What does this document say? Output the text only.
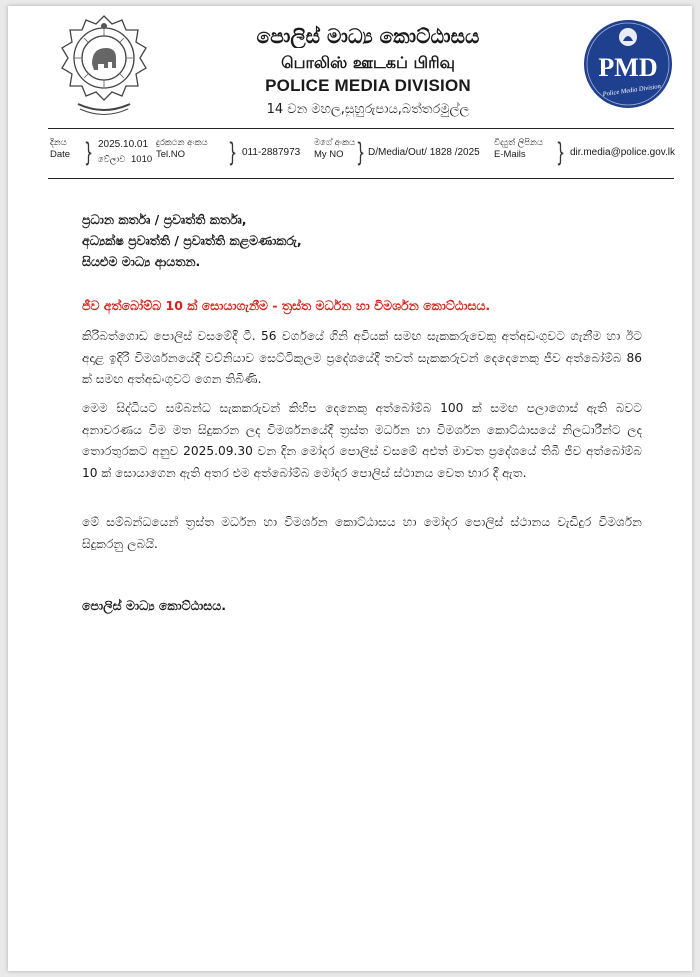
පොලිස් මාධ්‍ය කොට්ඨාසය
பொலிஸ் ஊடகப் பிரிவு
POLICE MEDIA DIVISION
14 වන මහල,සුහුරුපාය,බත්තරමුල්ල
PMD
Police Media Division
දිනය
Date } 2025.10.01
වේලාව 1010
දුරකථන අංකය
Tel.NO	} 011-2887973
මගේ අංකය
My NO } D/Media/Out/ 1828 /2025
විද්‍යුත් ලිපිනය
E-Mails	} dir.media@police.gov.lk
ප්‍රධාන කර්තෘ / ප්‍රවෘත්ති කර්තෘ,
අධ්‍යක්ෂ ප්‍රවෘත්ති / ප්‍රවෘත්ති කළමණාකරු,
සියළුම මාධ්‍ය ආයතන.
ජීව අත්බෝම්බ 10 ක් සොයාගැනීම - ත්‍රස්ත මර්ධන හා විමර්ශන කොට්ඨාසය.
කිරිබත්ගොඩ පොලිස් වසමේදී ටී. 56 වර්ගයේ ගිනි අවියක් සමඟ සැකකරුවෙකු අත්අඩංගුවට ගැනීම හා ඊට අදාළ ඉදිරි විමර්ශනයේදී වව්නියාව සෙට්ටිකුලම ප්‍රදේශයේදී තවත් සැකකරුවන් දෙදෙනෙකු ජීව අත්බෝම්බ 86 ක් සමඟ අත්අඩංගුවට ගෙන තිබිණි.
මෙම සිද්ධියට සම්බන්ධ සැකකරුවන් කිහිප දෙනෙකු අත්බෝම්බ 100 ක් සමඟ පලාගොස් ඇති බවට අනාවරණය වීම මත සිදුකරන ලද විමර්ශනයේදී ත්‍රස්ත මර්ධන හා විමර්ශන කොට්ඨාසයේ නිලධාරීන්ට ලද තොරතුරකට අනුව 2025.09.30 වන දින මෝදර පොලිස් වසමේ අළුත් මාවත ප්‍රදේශයේ තිබී ජීව අත්බෝම්බ 10 ක් සොයාගෙන ඇති අතර එම අත්බෝම්බ මෝදර පොලිස් ස්ථානය වෙත භාර දී ඇත.
මේ සම්බන්ධයෙන් ත්‍රස්ත මර්ධන හා විමර්ශන කොට්ඨාසය හා මෝදර පොලිස් ස්ථානය වැඩිදුර විමර්ශන සිදුකරනු ලබයි.
පොලිස් මාධ්‍ය කොට්ඨාසය.
